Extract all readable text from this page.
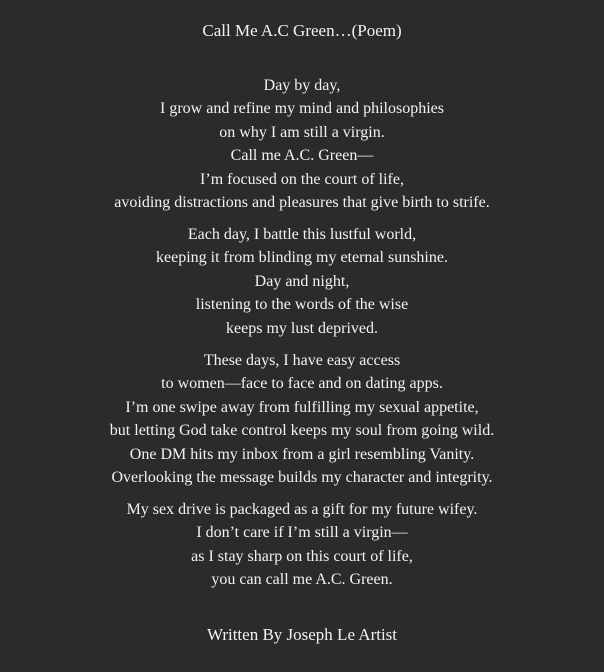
Call Me A.C Green…(Poem)
Day by day,
I grow and refine my mind and philosophies
on why I am still a virgin.
Call me A.C. Green—
I’m focused on the court of life,
avoiding distractions and pleasures that give birth to strife.
Each day, I battle this lustful world,
keeping it from blinding my eternal sunshine.
Day and night,
listening to the words of the wise
keeps my lust deprived.
These days, I have easy access
to women—face to face and on dating apps.
I’m one swipe away from fulfilling my sexual appetite,
but letting God take control keeps my soul from going wild.
One DM hits my inbox from a girl resembling Vanity.
Overlooking the message builds my character and integrity.
My sex drive is packaged as a gift for my future wifey.
I don’t care if I’m still a virgin—
as I stay sharp on this court of life,
you can call me A.C. Green.
Written By Joseph Le Artist
